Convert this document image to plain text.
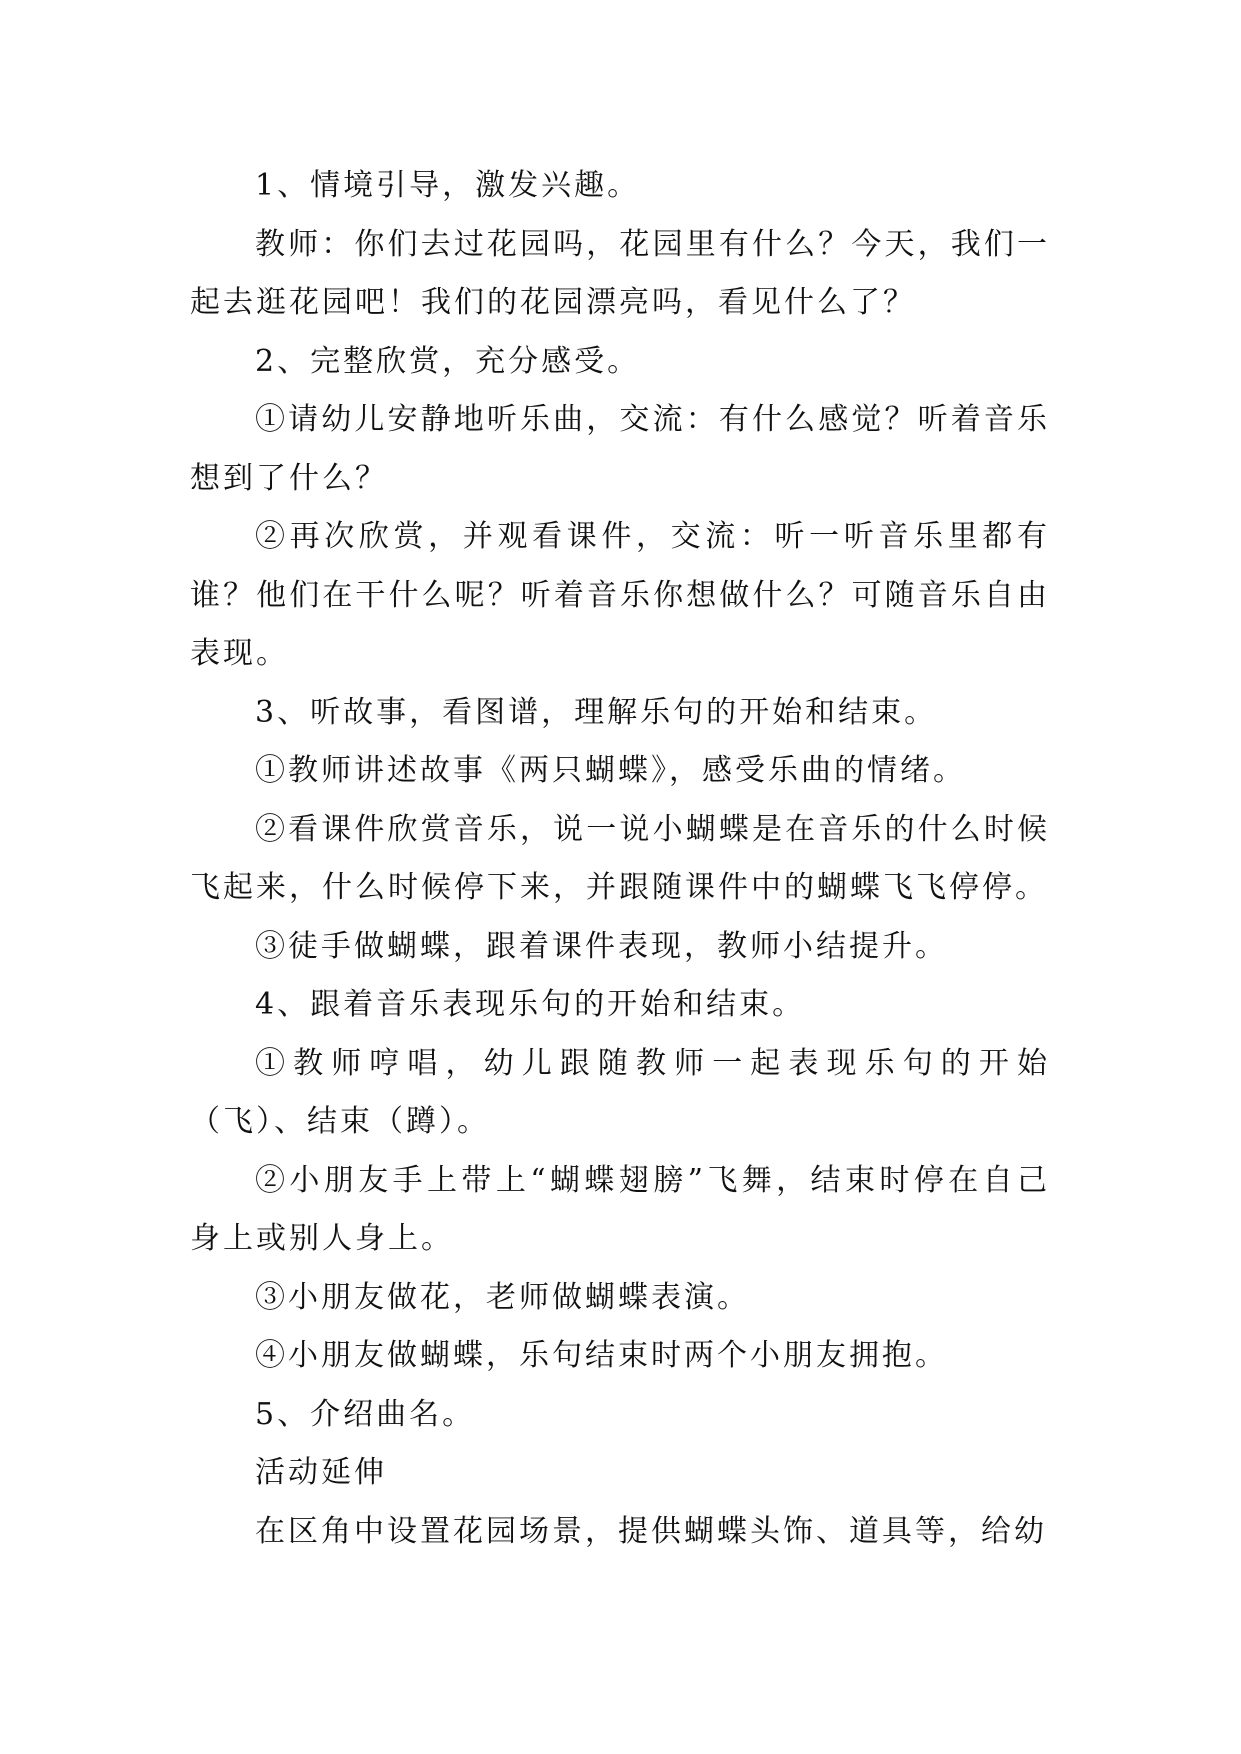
1、情境引导，激发兴趣。

教师：你们去过花园吗，花园里有什么？今天，我们一起去逛花园吧！我们的花园漂亮吗，看见什么了？

2、完整欣赏，充分感受。

①请幼儿安静地听乐曲，交流：有什么感觉？听着音乐想到了什么？

②再次欣赏，并观看课件，交流：听一听音乐里都有谁？他们在干什么呢？听着音乐你想做什么？可随音乐自由表现。

3、听故事，看图谱，理解乐句的开始和结束。

①教师讲述故事《两只蝴蝶》，感受乐曲的情绪。

②看课件欣赏音乐，说一说小蝴蝶是在音乐的什么时候飞起来，什么时候停下来，并跟随课件中的蝴蝶飞飞停停。

③徒手做蝴蝶，跟着课件表现，教师小结提升。

4、跟着音乐表现乐句的开始和结束。

①教师哼唱，幼儿跟随教师一起表现乐句的开始（飞）、结束（蹲）。

②小朋友手上带上“蝴蝶翅膀”飞舞，结束时停在自己身上或别人身上。

③小朋友做花，老师做蝴蝶表演。

④小朋友做蝴蝶，乐句结束时两个小朋友拥抱。

5、介绍曲名。

活动延伸

在区角中设置花园场景，提供蝴蝶头饰、道具等，给幼
